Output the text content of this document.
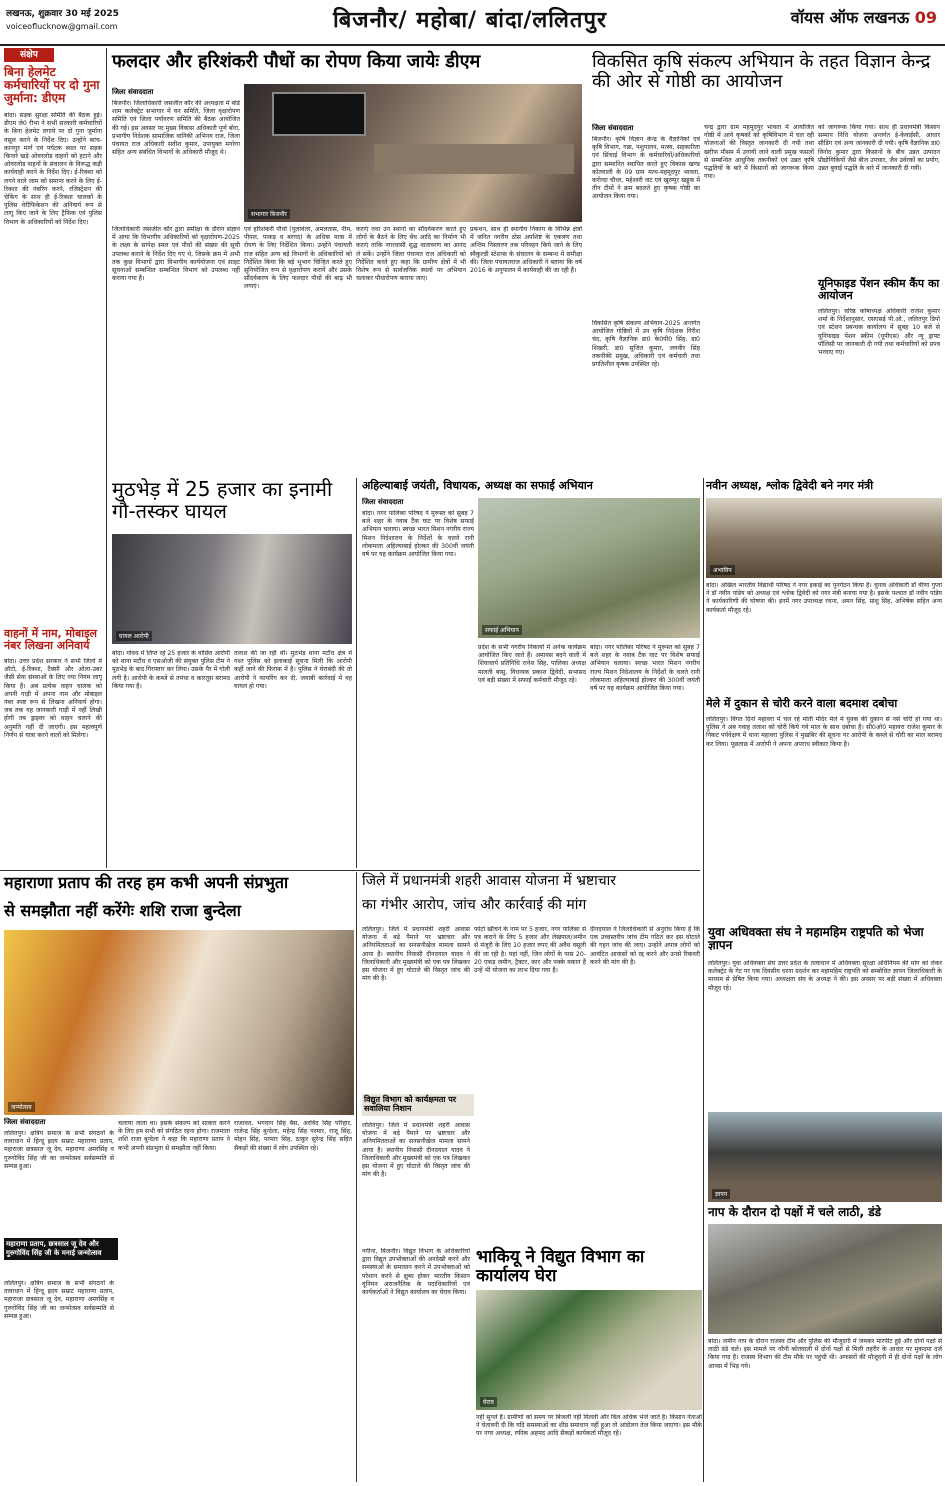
लखनऊ, शुक्रवार 30 मई 2025
voiceoflucknow@gmail.com	बिजनौर/ महोबा/ बांदा/ललितपुर	वॉयस ऑफ लखनऊ 09
संक्षेप
बिना हेलमेट कर्मचारियों पर दो गुना जुर्माना: डीएम
बांदा। सड़क सुरक्षा समिति की बैठक हुई। डीएम जे0 रीभा ने सभी सरकारी कर्मचारियों के बिना हेलमेट लगाये पर दो गुना जुर्माना वसूल करने के निर्देश दिए। उन्होंने कांच-कानपुर मार्ग एवं पर्यटक स्थल पर सड़क किनारे खड़े ओवरलोड वाहनों को हटाने और ओवरलोड वाहनों के संचालन के विरूद्ध कड़ी कार्यवाही करने के निर्देश दिए। ई-रिक्शा को लगने वाले जाम को समाप्त करने के लिए ई-रिक्शा की नंबरिंग करने, रजिस्ट्रेशन की चेकिंग के साथ ही ई-रिक्शा चालकों के पुलिस वेरीफिकेशन की अनिवार्य रूप से लागू किए जाने के लिए ट्रैफिक एवं पुलिस विभाग के अधिकारियों को निर्देश दिए।
वाहनों में नाम, मोबाइल नंबर लिखना अनिवार्य
बांदा। उत्तर प्रदेश सरकार ने सभी जिलों में ऑटो, ई-रिक्शा, टैक्सी और ओला-उबर जैसी सेवा संस्थाओं के लिए नया नियम लागू किया है। अब प्रत्येक वाहन चालक को अपनी गाड़ी में अपना नाम और मोबाइल नंबर स्पष्ट रूप से लिखना अनिवार्य होगा। जब तक यह जानकारी गाड़ी में नहीं लिखी होगी तब ड्राइवर को वाहन चलाने की अनुमति नहीं दी जाएगी। इस महत्वपूर्ण निर्णय से यात्रा करने वालों को मिलेगा।
फलदार और हरिशंकरी पौधों का रोपण किया जायेः डीएम
जिला संवाददाता
बिजनौर। जिलाधिकारी जसजीत कौर की अध्यक्षता में बोर्ड शाम कलेक्ट्रेट सभागार में वन समिति, जिला वृक्षारोपण समिति एवं जिला पर्यावरण समिति की बैठक आयोजित की गई। इस अवसर पर मुख्य विकास अधिकारी पूर्ण बोरा, प्रभागीय निदेशक सामाजिक वानिकी अभिनय राज, जिला पंचायत राज अधिकारी सतीश कुमार, उपायुक्त मनरेगा सहित अन्य संबंधित विभागों के अधिकारी मौजूद थे।
सभागार बिजनौर
जिलाधिकारी जसजीत कौर द्वारा समीक्षा के दौरान संज्ञान में आया कि विभागीय अधिकारियों को वृक्षारोपण-2025 के लक्ष्य के सापेक्ष स्थल एवं पौधों की संख्या की सूची उपलब्ध कराने के निर्देश दिए गए थे, जिसके क्रम में अभी तक कुछ विभागों द्वारा विभागीय कार्ययोजना एवं साइट सूचनाओं सम्बन्धित सम्बन्धित विभाग को उपलब्ध नहीं कराया गया है।
एवं हरिशंकरी पौधों (पुलावंतर, अमलतास, नीम, पीपल, पाकड़ व बरगद) के अधिक मात्रा में रोपण के लिए निर्देशित किया। उन्होंने पंचायती राज सहित अन्य बड़े विभागों के अधिकारियों को निर्देशित किया कि बड़े भूभाग चिन्हित करते हुए सुनियोजित रूप से वृक्षारोपण करायें और उसके सौंदर्यकरण के लिए फलदार पौधों की बाढ़ भी लगाएं।
कराएं तथा उन स्थानों का सौंदर्यकरण करते हुए लोगों के बैठने के लिए बेंच आदि का निर्माण भी कराएं ताकि नगरवासी शुद्ध वातावरण का आनंद ले सकें। उन्होंने जिला पंचायत राज अधिकारी को निर्देशित करते हुए कहा कि ग्रामीण क्षेत्रों में भी विशेष रूप से सार्वजनिक स्थलों पर अभियान चलाकर पौधारोपण कराया जाए।
प्रबन्धन, साथ ही स्थानीय निकाय के विभिन्न क्षेत्रों में जनित नगरीय ठोस अपशिष्ट के एकत्रण तथा अन्तिम निस्तारण तक परिवहन किये जाने के लिए स्वैकुल्डी स्टेशन्स के संचालन के सम्बन्ध में समीक्षा की। जिला पंचायतराज अधिकारी ने बताया कि वर्ष 2016 के अनुपालन में कार्यवाही की जा रही है।
मुठभेड़ में 25 हजार का इनामी गौ-तस्कर घायल
घायल आरोपी
बांदा। गोवध में लिप्त रहे 25 हजार के वांछित आरोपी को थाना मटौंध व एसओजी की संयुक्त पुलिस टीम ने मुठभेड़ के बाद गिरफ्तार कर लिया। उसके पैर में गोली लगी है। आरोपी के कब्जे से तमंचा व कारतूस बरामद किया गया है।
तलाश की जा रही थी। मुठभेड़ थाना मटौंध क्षेत्र में गश्त पुलिस को इलाकाई सूचना मिली कि आरोपी कहीं जाने की फिराक में है। पुलिस ने घेराबंदी की तो आरोपी ने फायरिंग कर दी, जवाबी कार्रवाई में वह घायल हो गया।
अहिल्याबाई जयंती, विधायक, अध्यक्ष का सफाई अभियान
जिला संवाददाता
बांदा। नगर पालिका परिषद ने मुरूस्त को सुबह 7 बजे शहर के नवाब टैंक घाट पर विशेष सफाई अभियान चलाया। स्वच्छ भारत मिशन नगरीय राज्य मिशन निदेशालय के निर्देशों के चलते रानी लोकमाता अहिल्याबाई होल्कर की 300वीं जयंती वर्ष पर यह कार्यक्रम आयोजित किया गया।
सफाई अभियान
प्रदेश के सभी नगरीय निकायों में अनेक कार्यक्रम आयोजित किए जाते हैं। अमावस बदने वाली में शिवाचार्य प्रतिनिधि रत्नेश सिंह, पालिका अध्यक्ष मालती बासु, विधायक प्रकाश द्विवेदी, सभासद एवं बड़ी संख्या में सफाई कर्मचारी मौजूद रहे।
बांदा। नगर पालिका परिषद ने मुरूस्त को सुबह 7 बजे शहर के नवाब टैंक घाट पर विशेष सफाई अभियान चलाया। स्वच्छ भारत मिशन नगरीय राज्य मिशन निदेशालय के निर्देशों के चलते रानी लोकमाता अहिल्याबाई होल्कर की 300वीं जयंती वर्ष पर यह कार्यक्रम आयोजित किया गया।
विकसित कृषि संकल्प अभियान के तहत विज्ञान केन्द्र की ओर से गोष्ठी का आयोजन
जिला संवाददाता
बिजनौर। कृषि विज्ञान केन्द्र के वैज्ञानिकों एवं कृषि विभाग, गन्ना, पशुपालन, मत्स्य, सहकारिता एवं सिंचाई विभाग के कर्मचारियों/अधिकारियों द्वारा सम्मानित स्थापित करते हुए विकास खण्ड कोतवाली के 09 ग्राम मत्थ-महमूदपुर भावता, करोन्दा चौधर, महेश्वरी जट एवं खुरम्पुर खड्डक में तीन टीमों ने क्रम बदलते हुए कृषक गोष्ठी का आयोजन किया गया।
विकसित कृषि संकल्प अभियान-2025 अन्तर्गत आयोजित गोष्ठियों में उप कृषि निदेशक गिरीश चंद, कृषि वैज्ञानिक डा0 के0पी0 सिंह, डा0 शिखरी, डा0 सुजित कुमार, जयवीर सिंह तकनीकी प्रमुख, अधिकारी एवं कर्मचारी तथा प्रगतिशील कृषक उपस्थित रहे।
चन्द्र द्वारा ग्राम महमूदपुर भावता में आयोजित गोष्ठी में आये कृषकों को कृषिविभाग में चल रही योजनाओं की विस्तृत जानकारी दी गयी तथा खरीफ मौसम में उगायी जाने वाली प्रमुख फसलों से सम्बन्धित आधुनिक तकनीकों एवं उन्नत कृषि पद्धतियों के बारे में किसानों को जागरूक किया गया।
को जागरूक किया गया। साथ ही प्रधानमंत्री किसान सम्मान निधि योजना अन्तर्गत ई-केवाईसी, आधार सीडिंग एवं अन्य जानकारी दी गयी। कृषि वैज्ञानिक डा0 विनोद कुमार द्वारा किसानों के बीच उन्नत उत्पादन प्रौद्योगिकियों जैसे बीज उपचार, जैव उर्वरकों का प्रयोग, उन्नत बुवाई पद्धति के बारे में जानकारी दी गयी।
यूनिफाइड पेंशन स्कीम कैंप का आयोजन
ललितपुर। चरिष्ठ कोषाध्यक्ष अधिकारी राजेश कुमार शर्मा के निर्देशानुसार, एसएसई पी.ओ., ललितपुर डिपो एवं स्टेशन प्रबन्धक कार्यालय में सुबह 10 बजे से यूनिफाइड पेंशन स्कीम (यूपीएस) और न्यू ड्राफ्ट पॉलिसी पर जानकारी दी गयी तथा कर्मचारियों को प्रपत्र भरवाए गए।
नवीन अध्यक्ष, श्लोक द्विवेदी बने नगर मंत्री
अभाविप
बांदा। अखिल भारतीय विद्यार्थी परिषद ने नगर इकाई का पुनर्गठन किया है। चुनाव अधिकारी डॉ वीणा गुप्ता ने डॉ नवीन पांडेय को अध्यक्ष एवं श्लोक द्विवेदी को नगर मंत्री बनाया गया है। इसके पश्चात डॉ नवीन पांडेय ने कार्यकारिणी की घोषणा की। इनमें नगर उपाध्यक्ष रचना, अमन सिंह, प्रांशु सिंह, अभिषेक सहित अन्य कार्यकर्ता मौजूद रहे।
मेले में दुकान से चोरी करने वाला बदमाश दबोचा
ललितपुर। विगत दिनों महावरा में चल रहे मोती मंदिर मेले में युवक की दुकान से नर्स चोरी हो गया था। पुलिस ने अब गवाह तलाश को चोरी किये गये माल के साथ दबोचा है। सी0ओ0 महावरा राजेश कुमार के निकट पर्यवेक्षण में थाना महावरा पुलिस ने मुखबिर की सूचना पर आरोपी के कब्जे से चोरी का माल बरामद कर लिया। पूछताछ में आरोपी ने अपना अपराध स्वीकार किया है।
महाराणा प्रताप की तरह हम कभी अपनी संप्रभुता
से समझौता नहीं करेंगेः शशि राजा बुन्देला
जन्मोत्सव
जिला संवाददाता
ललितपुर। क्षत्रिय समाज के सभी संगठनों के तत्वाधान में हिन्दू ह्रदय सम्राट महाराणा प्रताप, महाराजा छत्रसाल जू देव, महाराणा अमरसिंह व गुरुगोविंद सिंह जी का जन्मोत्सव सर्वसम्मति से सम्पन्न हुआ।
महाराणा प्रताप, छत्रसाल जू देव और गुरुगोविंद सिंह जी के मनाई जन्मोत्सव
ललितपुर। क्षत्रिय समाज के सभी संगठनों के तत्वाधान में हिन्दू ह्रदय सम्राट महाराणा प्रताप, महाराजा छत्रसाल जू देव, महाराणा अमरसिंह व गुरुगोविंद सिंह जी का जन्मोत्सव सर्वसम्मति से सम्पन्न हुआ।
चलाया जाता था। इसके संकल्प को साकार करने के लिए हम सभी को संगठित रहना होगा। राजमाता शशि राजा बुन्देला ने कहा कि महाराणा प्रताप ने कभी अपनी संप्रभुता से समझौता नहीं किया।
राजावत, भगवान सिंह बैस, अरविंद सिंह परिहार, राजेन्द्र सिंह बुन्देला, महेन्द्र सिंह परमार, राजू सिंह, मोहन सिंह, परमार सिंह, ठाकुर सुरेन्द्र सिंह सहित सैकड़ों की संख्या में लोग उपस्थित रहे।
जिले में प्रधानमंत्री शहरी आवास योजना में भ्रष्टाचार
का गंभीर आरोप, जांच और कार्रवाई की मांग
ललितपुर। जिले में प्रधानमंत्री शहरी आवास योजना में बड़े पैमाने पर भ्रष्टाचार और अनियमितताओं का सनसनीखेज मामला सामने आया है। स्थानीय निवासी दीनदयाल यादव ने जिलाधिकारी और मुख्यमंत्री को एक पत्र लिखकर इस योजना में हुए घोटाले की विस्तृत जांच की मांग की है।
विद्युत विभाग को कार्यक्षमता पर सवालिया निशान
ललितपुर। जिले में प्रधानमंत्री शहरी आवास योजना में बड़े पैमाने पर भ्रष्टाचार और अनियमितताओं का सनसनीखेज मामला सामने आया है। स्थानीय निवासी दीनदयाल यादव ने जिलाधिकारी और मुख्यमंत्री को एक पत्र लिखकर इस योजना में हुए घोटाले की विस्तृत जांच की मांग की है।
फोटो खींचने के नाम पर 5 हजार, नगर पालिका से पत्र कराने के लिए 5 हजार और लेखपाल/अमीन से मंजूरी के लिए 10 हजार रुपए की अवैध वसूली की जा रही है। यहां नहीं, जिन लोगों के पास 20-20 एकड़ जमीन, ट्रैक्टर, कार और पक्के मकान हैं उन्हें भी योजना का लाभ दिया गया है।
दीनदयाल ने जिलाधिकारी से अनुरोध किया है कि एक उच्चस्तरीय जांच टीम गठित कर इस घोटाले की गहन जांच की जाए। उन्होंने अपात्र लोगों को आवंटित आवासों को रद्द करने और उनसे रिकवरी करने की मांग की है।
भाकियू ने विद्युत विभाग का कार्यालय घेरा
नगीना, बिजनौर। विद्युत विभाग के अधिकारियों द्वारा विद्युत उपभोक्ताओं की अनदेखी करने और समस्याओं के समाधान करने में उपभोक्ताओं को परेशान करने से क्षुब्ध होकर भारतीय किसान यूनियन अराजनैतिक के पदाधिकारियों एवं कार्यकर्ताओं ने विद्युत कार्यालय का घेराव किया।
घेराव
नहीं सुनते हैं। ग्रामीणों को समय पर बिजली नहीं मिलती और बिल अधिक भेजे जाते हैं। किसान नेताओं ने चेतावनी दी कि यदि समस्याओं का शीघ्र समाधान नहीं हुआ तो आंदोलन तेज किया जाएगा। इस मौके पर नगर अध्यक्ष, रफीक अहमद आदि सैकड़ों कार्यकर्ता मौजूद रहे।
युवा अधिवक्ता संघ ने महामहिम राष्ट्रपति को भेजा ज्ञापन
ललितपुर। युवा अधिवक्ता संघ उत्तर प्रदेश के तत्वाधान में अधिवक्ता सुरक्षा अधिनियम की मांग को लेकर कलेक्ट्रेट के गेट पर एक दिवसीय धरना प्रदर्शन कर महामहिम राष्ट्रपति को सम्बोधित ज्ञापन जिलाधिकारी के माध्यम से प्रेषित किया गया। अध्यक्षता संघ के अध्यक्ष ने की। इस अवसर पर बड़ी संख्या में अधिवक्ता मौजूद रहे।
ज्ञापन
नाप के दौरान दो पक्षों में चले लाठी, डंडे
बांदा। जमीन नाप के दौरान राजस्व टीम और पुलिस की मौजूदगी में जमकर मारपीट हुई और दोनों पक्षों से लाठी डंडे चले। इस मामले पर नरैनी कोतवाली में दोनों पक्षों से मिली तहरीर के आधार पर मुकदमा दर्ज किया गया है। राजस्व विभाग की टीम मौके पर पहुंची थी। अफसरों की मौजूदगी में ही दोनों पक्षों के लोग आपस में भिड़ गये।
